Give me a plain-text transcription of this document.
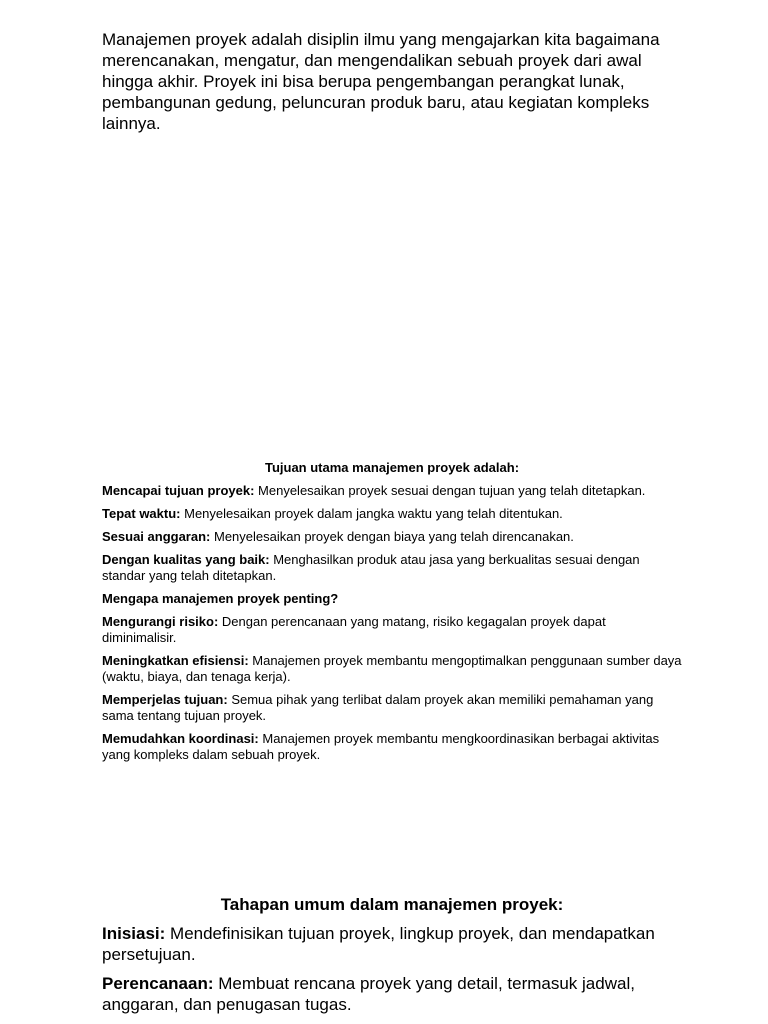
Manajemen proyek adalah disiplin ilmu yang mengajarkan kita bagaimana merencanakan, mengatur, dan mengendalikan sebuah proyek dari awal hingga akhir. Proyek ini bisa berupa pengembangan perangkat lunak, pembangunan gedung, peluncuran produk baru, atau kegiatan kompleks lainnya.

Tujuan utama manajemen proyek adalah:

Mencapai tujuan proyek: Menyelesaikan proyek sesuai dengan tujuan yang telah ditetapkan.

Tepat waktu: Menyelesaikan proyek dalam jangka waktu yang telah ditentukan.

Sesuai anggaran: Menyelesaikan proyek dengan biaya yang telah direncanakan.

Dengan kualitas yang baik: Menghasilkan produk atau jasa yang berkualitas sesuai dengan standar yang telah ditetapkan.

Mengapa manajemen proyek penting?

Mengurangi risiko: Dengan perencanaan yang matang, risiko kegagalan proyek dapat diminimalisir.

Meningkatkan efisiensi: Manajemen proyek membantu mengoptimalkan penggunaan sumber daya (waktu, biaya, dan tenaga kerja).

Memperjelas tujuan: Semua pihak yang terlibat dalam proyek akan memiliki pemahaman yang sama tentang tujuan proyek.

Memudahkan koordinasi: Manajemen proyek membantu mengkoordinasikan berbagai aktivitas yang kompleks dalam sebuah proyek.

Tahapan umum dalam manajemen proyek:

Inisiasi: Mendefinisikan tujuan proyek, lingkup proyek, dan mendapatkan persetujuan.

Perencanaan: Membuat rencana proyek yang detail, termasuk jadwal, anggaran, dan penugasan tugas.
